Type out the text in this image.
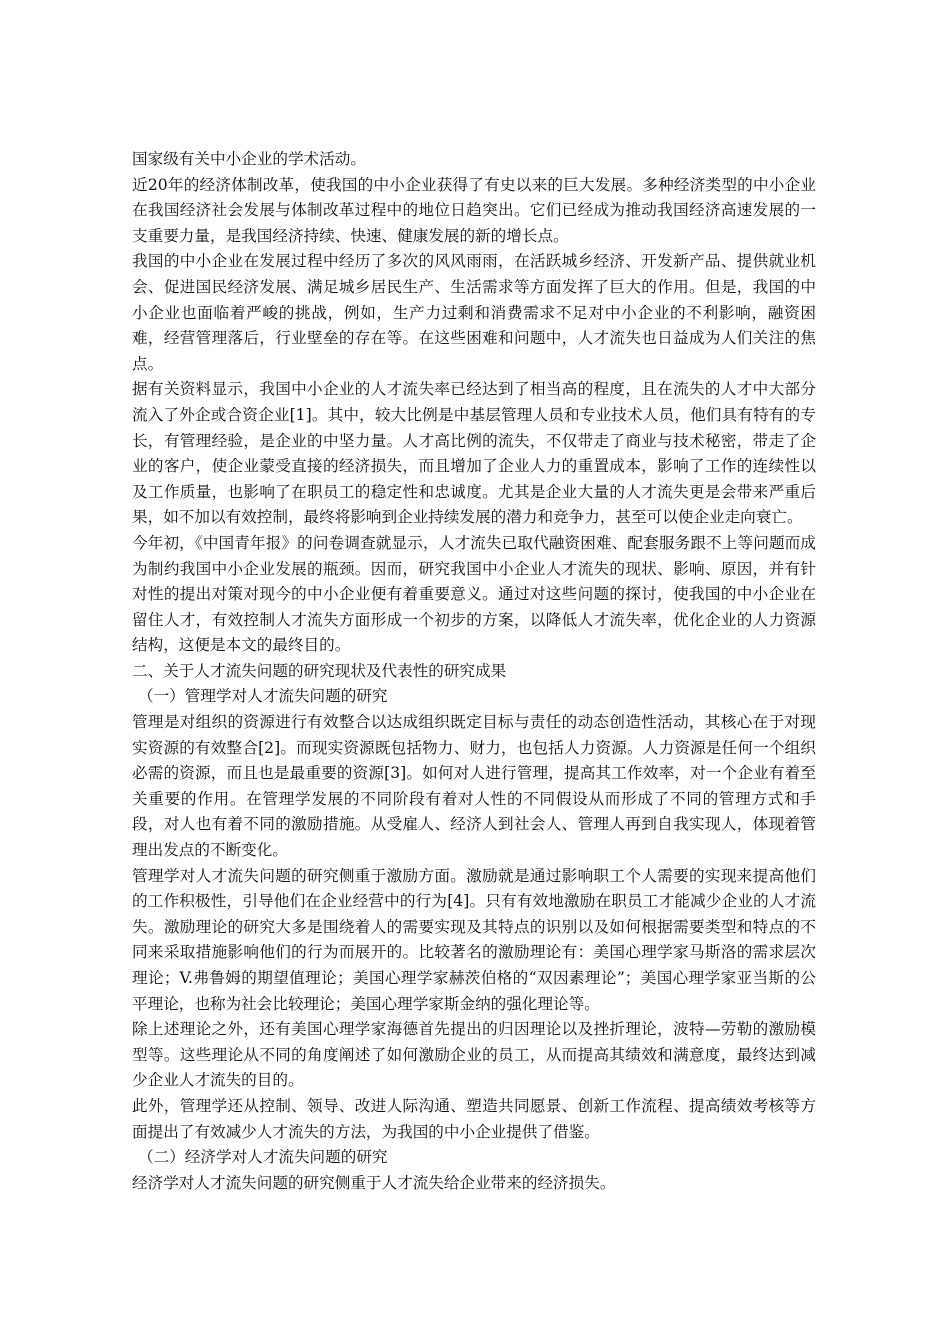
国家级有关中小企业的学术活动。

近20年的经济体制改革，使我国的中小企业获得了有史以来的巨大发展。多种经济类型的中小企业在我国经济社会发展与体制改革过程中的地位日趋突出。它们已经成为推动我国经济高速发展的一支重要力量，是我国经济持续、快速、健康发展的新的增长点。

我国的中小企业在发展过程中经历了多次的风风雨雨，在活跃城乡经济、开发新产品、提供就业机会、促进国民经济发展、满足城乡居民生产、生活需求等方面发挥了巨大的作用。但是，我国的中小企业也面临着严峻的挑战，例如，生产力过剩和消费需求不足对中小企业的不利影响，融资困难，经营管理落后，行业壁垒的存在等。在这些困难和问题中，人才流失也日益成为人们关注的焦点。

据有关资料显示，我国中小企业的人才流失率已经达到了相当高的程度，且在流失的人才中大部分流入了外企或合资企业[1]。其中，较大比例是中基层管理人员和专业技术人员，他们具有特有的专长，有管理经验，是企业的中坚力量。人才高比例的流失，不仅带走了商业与技术秘密，带走了企业的客户，使企业蒙受直接的经济损失，而且增加了企业人力的重置成本，影响了工作的连续性以及工作质量，也影响了在职员工的稳定性和忠诚度。尤其是企业大量的人才流失更是会带来严重后果，如不加以有效控制，最终将影响到企业持续发展的潜力和竞争力，甚至可以使企业走向衰亡。

今年初，《中国青年报》的问卷调查就显示，人才流失已取代融资困难、配套服务跟不上等问题而成为制约我国中小企业发展的瓶颈。因而，研究我国中小企业人才流失的现状、影响、原因，并有针对性的提出对策对现今的中小企业便有着重要意义。通过对这些问题的探讨，使我国的中小企业在留住人才，有效控制人才流失方面形成一个初步的方案，以降低人才流失率，优化企业的人力资源结构，这便是本文的最终目的。

二、关于人才流失问题的研究现状及代表性的研究成果

（一）管理学对人才流失问题的研究

管理是对组织的资源进行有效整合以达成组织既定目标与责任的动态创造性活动，其核心在于对现实资源的有效整合[2]。而现实资源既包括物力、财力，也包括人力资源。人力资源是任何一个组织必需的资源，而且也是最重要的资源[3]。如何对人进行管理，提高其工作效率，对一个企业有着至关重要的作用。在管理学发展的不同阶段有着对人性的不同假设从而形成了不同的管理方式和手段，对人也有着不同的激励措施。从受雇人、经济人到社会人、管理人再到自我实现人，体现着管理出发点的不断变化。

管理学对人才流失问题的研究侧重于激励方面。激励就是通过影响职工个人需要的实现来提高他们的工作积极性，引导他们在企业经营中的行为[4]。只有有效地激励在职员工才能减少企业的人才流失。激励理论的研究大多是围绕着人的需要实现及其特点的识别以及如何根据需要类型和特点的不同来采取措施影响他们的行为而展开的。比较著名的激励理论有：美国心理学家马斯洛的需求层次理论；V.弗鲁姆的期望值理论；美国心理学家赫茨伯格的“双因素理论”；美国心理学家亚当斯的公平理论，也称为社会比较理论；美国心理学家斯金纳的强化理论等。

除上述理论之外，还有美国心理学家海德首先提出的归因理论以及挫折理论，波特—劳勒的激励模型等。这些理论从不同的角度阐述了如何激励企业的员工，从而提高其绩效和满意度，最终达到减少企业人才流失的目的。

此外，管理学还从控制、领导、改进人际沟通、塑造共同愿景、创新工作流程、提高绩效考核等方面提出了有效减少人才流失的方法，为我国的中小企业提供了借鉴。

（二）经济学对人才流失问题的研究

经济学对人才流失问题的研究侧重于人才流失给企业带来的经济损失。
